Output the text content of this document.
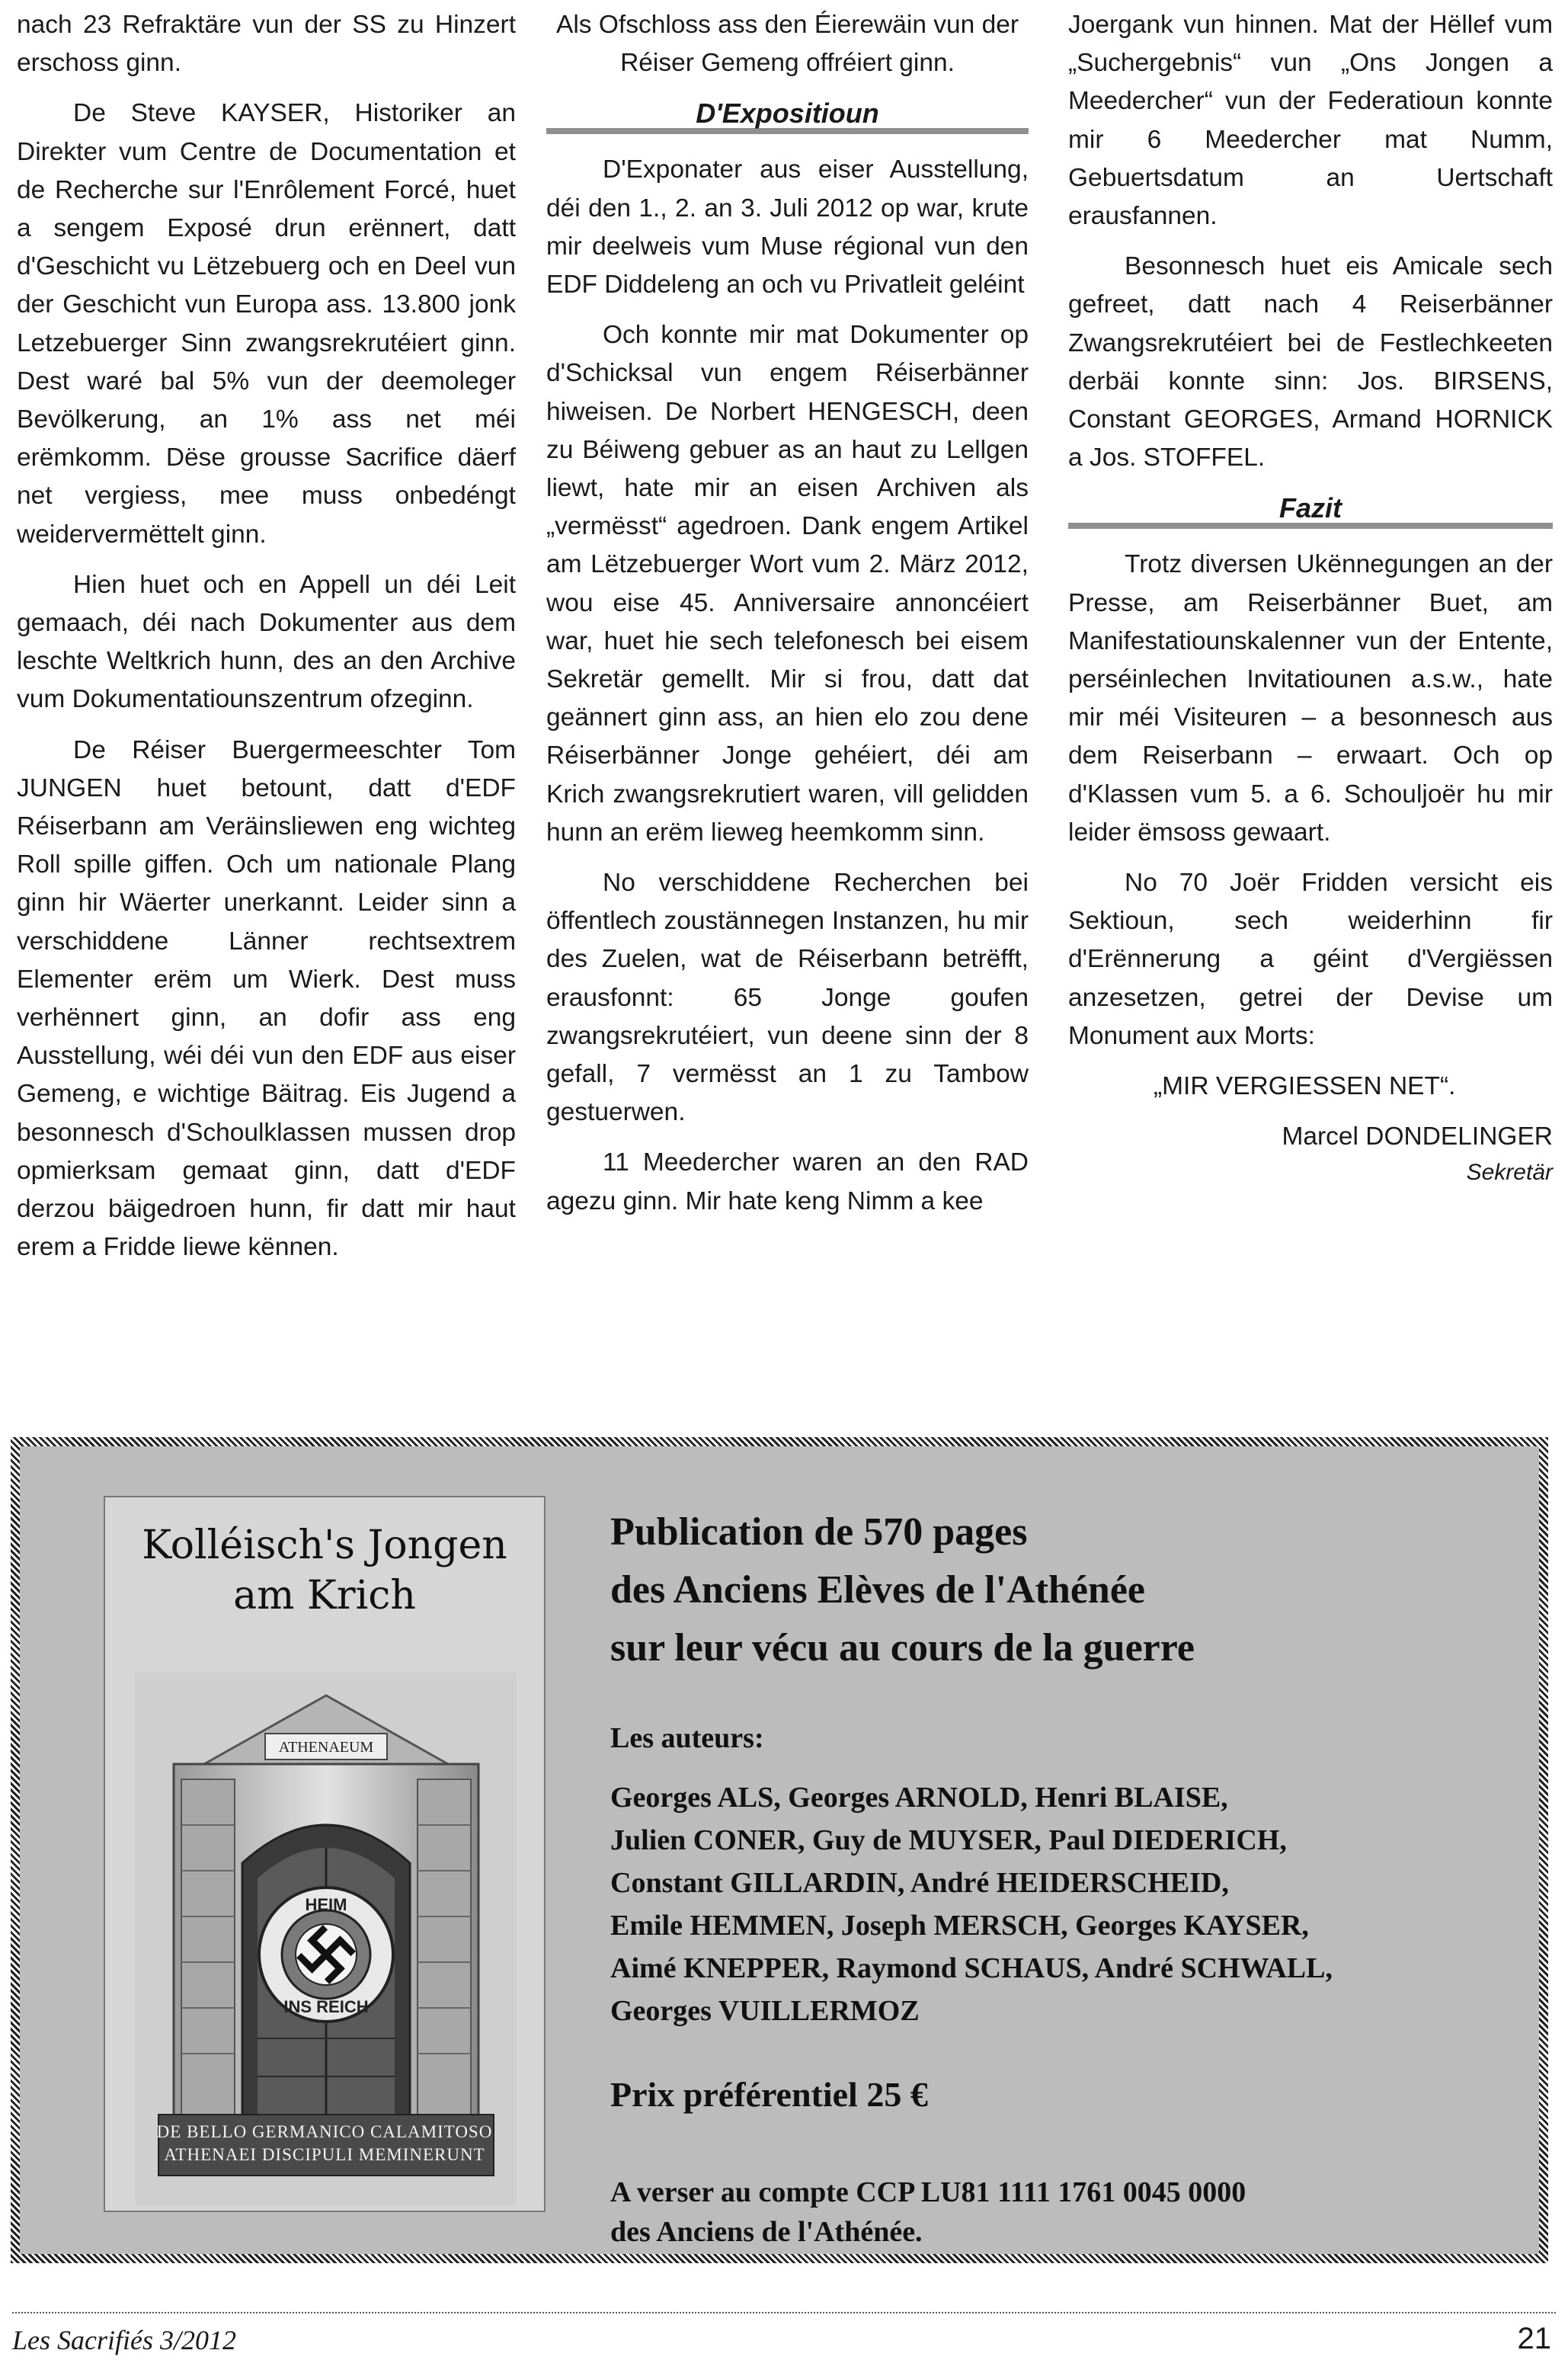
nach 23 Refraktäre vun der SS zu Hinzert erschoss ginn.

De Steve KAYSER, Historiker an Direkter vum Centre de Documentation et de Recherche sur l'Enrôlement Forcé, huet a sengem Exposé drun erënnert, datt d'Geschicht vu Lëtzebuerg och en Deel vun der Geschicht vun Europa ass. 13.800 jonk Letzebuerger Sinn zwangsrekrutéiert ginn. Dest waré bal 5% vun der deemoleger Bevölkerung, an 1% ass net méi erëmkomm. Dëse grousse Sacrifice däerf net vergiess, mee muss onbedéngt weidervermëttelt ginn.

Hien huet och en Appell un déi Leit gemaach, déi nach Dokumenter aus dem leschte Weltkrich hunn, des an den Archive vum Dokumentatiounszentrum ofzeginn.

De Réiser Buergermeeschter Tom JUNGEN huet betount, datt d'EDF Réiserbann am Veräinsliewen eng wichteg Roll spille giffen. Och um nationale Plang ginn hir Wäerter unerkannt. Leider sinn a verschiddene Länner rechtsextrem Elementer erëm um Wierk. Dest muss verhënnert ginn, an dofir ass eng Ausstellung, wéi déi vun den EDF aus eiser Gemeng, e wichtige Bäitrag. Eis Jugend a besonnesch d'Schoulklassen mussen drop opmierksam gemaat ginn, datt d'EDF derzou bäigedroen hunn, fir datt mir haut erem a Fridde liewe kënnen.

Als Ofschloss ass den Éierewäin vun der Réiser Gemeng offréiert ginn.

D'Expositioun

D'Exponater aus eiser Ausstellung, déi den 1., 2. an 3. Juli 2012 op war, krute mir deelweis vum Muse régional vun den EDF Diddeleng an och vu Privatleit geléint

Och konnte mir mat Dokumenter op d'Schicksal vun engem Réiserbänner hiweisen. De Norbert HENGESCH, deen zu Béiweng gebuer as an haut zu Lellgen liewt, hate mir an eisen Archiven als „vermësst“ agedroen. Dank engem Artikel am Lëtzebuerger Wort vum 2. März 2012, wou eise 45. Anniversaire annoncéiert war, huet hie sech telefonesch bei eisem Sekretär gemellt. Mir si frou, datt dat geännert ginn ass, an hien elo zou dene Réiserbänner Jonge gehéiert, déi am Krich zwangsrekrutiert waren, vill gelidden hunn an erëm lieweg heemkomm sinn.

No verschiddene Recherchen bei öffentlech zoustännegen Instanzen, hu mir des Zuelen, wat de Réiserbann betrëfft, erausfonnt: 65 Jonge goufen zwangsrekrutéiert, vun deene sinn der 8 gefall, 7 vermësst an 1 zu Tambow gestuerwen.

11 Meedercher waren an den RAD agezu ginn. Mir hate keng Nimm a kee

Joergank vun hinnen. Mat der Hëllef vum „Suchergebnis“ vun „Ons Jongen a Meedercher“ vun der Federatioun konnte mir 6 Meedercher mat Numm, Gebuertsdatum an Uertschaft erausfannen.

Besonnesch huet eis Amicale sech gefreet, datt nach 4 Reiserbänner Zwangsrekrutéiert bei de Festlechkeeten derbäi konnte sinn: Jos. BIRSENS, Constant GEORGES, Armand HORNICK a Jos. STOFFEL.

Fazit

Trotz diversen Ukënnegungen an der Presse, am Reiserbänner Buet, am Manifestatiounskalenner vun der Entente, perséinlechen Invitatiounen a.s.w., hate mir méi Visiteuren – a besonnesch aus dem Reiserbann – erwaart. Och op d'Klassen vum 5. a 6. Schouljoër hu mir leider ëmsoss gewaart.

No 70 Joër Fridden versicht eis Sektioun, sech weiderhinn fir d'Erënnerung a géint d'Vergiëssen anzesetzen, getrei der Devise um Monument aux Morts:

„MIR VERGIESSEN NET“.

Marcel DONDELINGER

Sekretär

Kolléisch's Jongen
am Krich
ATHENAEUM
HEIM
INS REICH
DE BELLO GERMANICO CALAMITOSO
ATHENAEI DISCIPULI MEMINERUNT
Publication de 570 pages
des Anciens Elèves de l'Athénée
sur leur vécu au cours de la guerre
Les auteurs:
Georges ALS, Georges ARNOLD, Henri BLAISE,
Julien CONER, Guy de MUYSER, Paul DIEDERICH,
Constant GILLARDIN, André HEIDERSCHEID,
Emile HEMMEN, Joseph MERSCH, Georges KAYSER,
Aimé KNEPPER, Raymond SCHAUS, André SCHWALL,
Georges VUILLERMOZ
Prix préférentiel 25 €
A verser au compte CCP LU81 1111 1761 0045 0000
des Anciens de l'Athénée.
Les Sacrifiés 3/2012	21
